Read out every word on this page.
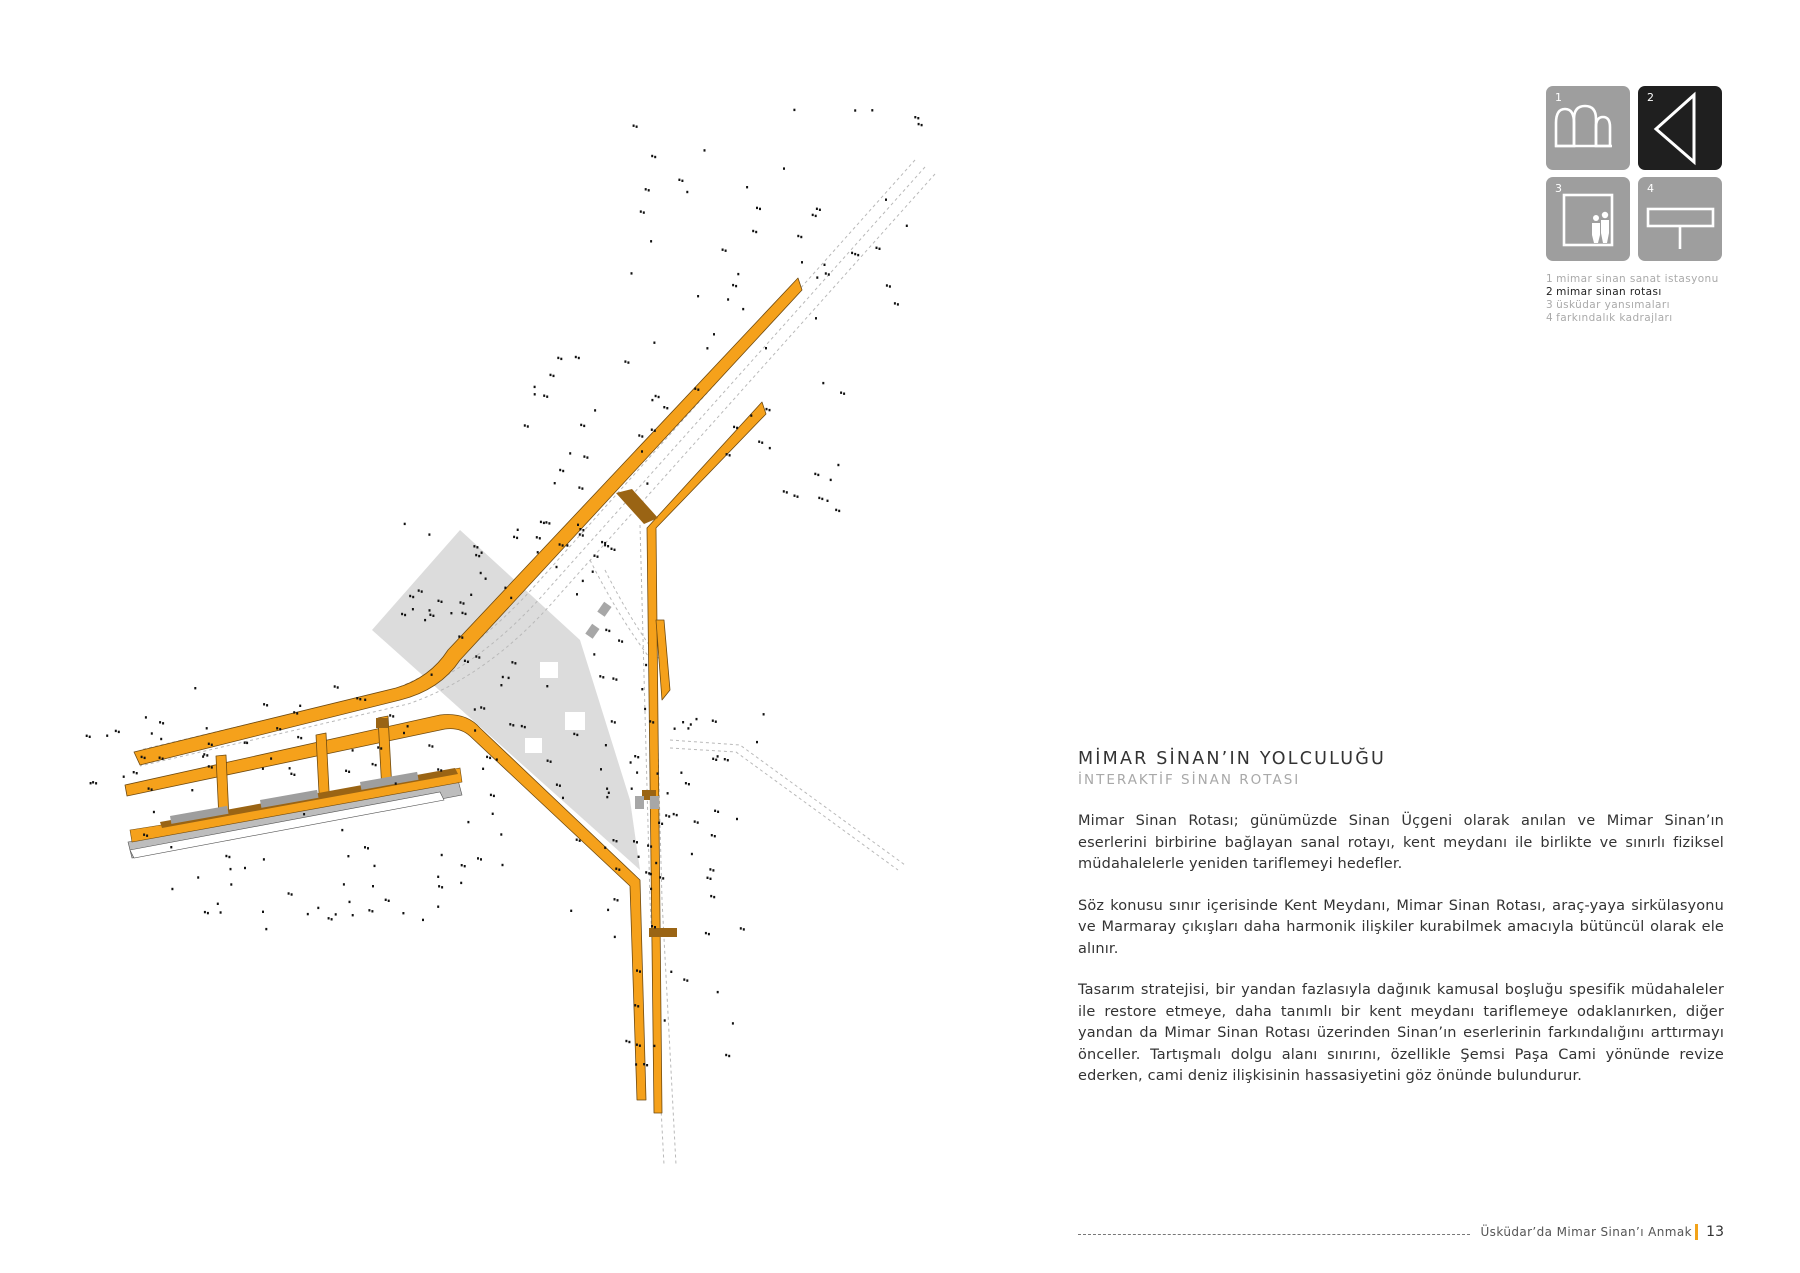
1	2
3	4
1 mimar sinan sanat istasyonu
2 mimar sinan rotası
3 üsküdar yansımaları
4 farkındalık kadrajları
MİMAR SİNAN’IN YOLCULUĞU
İNTERAKTİF SİNAN ROTASI

Mimar Sinan Rotası; günümüzde Sinan Üçgeni olarak anılan ve Mimar Sinan’ın eserlerini birbirine bağlayan sanal rotayı, kent meydanı ile birlikte ve sınırlı fiziksel müdahalelerle yeniden tariflemeyi hedefler.

Söz konusu sınır içerisinde Kent Meydanı, Mimar Sinan Rotası, araç-yaya sirkülasyonu ve Marmaray çıkışları daha harmonik ilişkiler kurabilmek amacıyla bütüncül olarak ele alınır.

Tasarım stratejisi, bir yandan fazlasıyla dağınık kamusal boşluğu spesifik müdahaleler ile restore etmeye, daha tanımlı bir kent meydanı tariflemeye odaklanırken, diğer yandan da Mimar Sinan Rotası üzerinden Sinan’ın eserlerinin farkındalığını arttırmayı önceller. Tartışmalı dolgu alanı sınırını, özellikle Şemsi Paşa Cami yönünde revize ederken, cami deniz ilişkisinin hassasiyetini göz önünde bulundurur.

Üsküdar’da Mimar Sinan’ı Anmak 13
